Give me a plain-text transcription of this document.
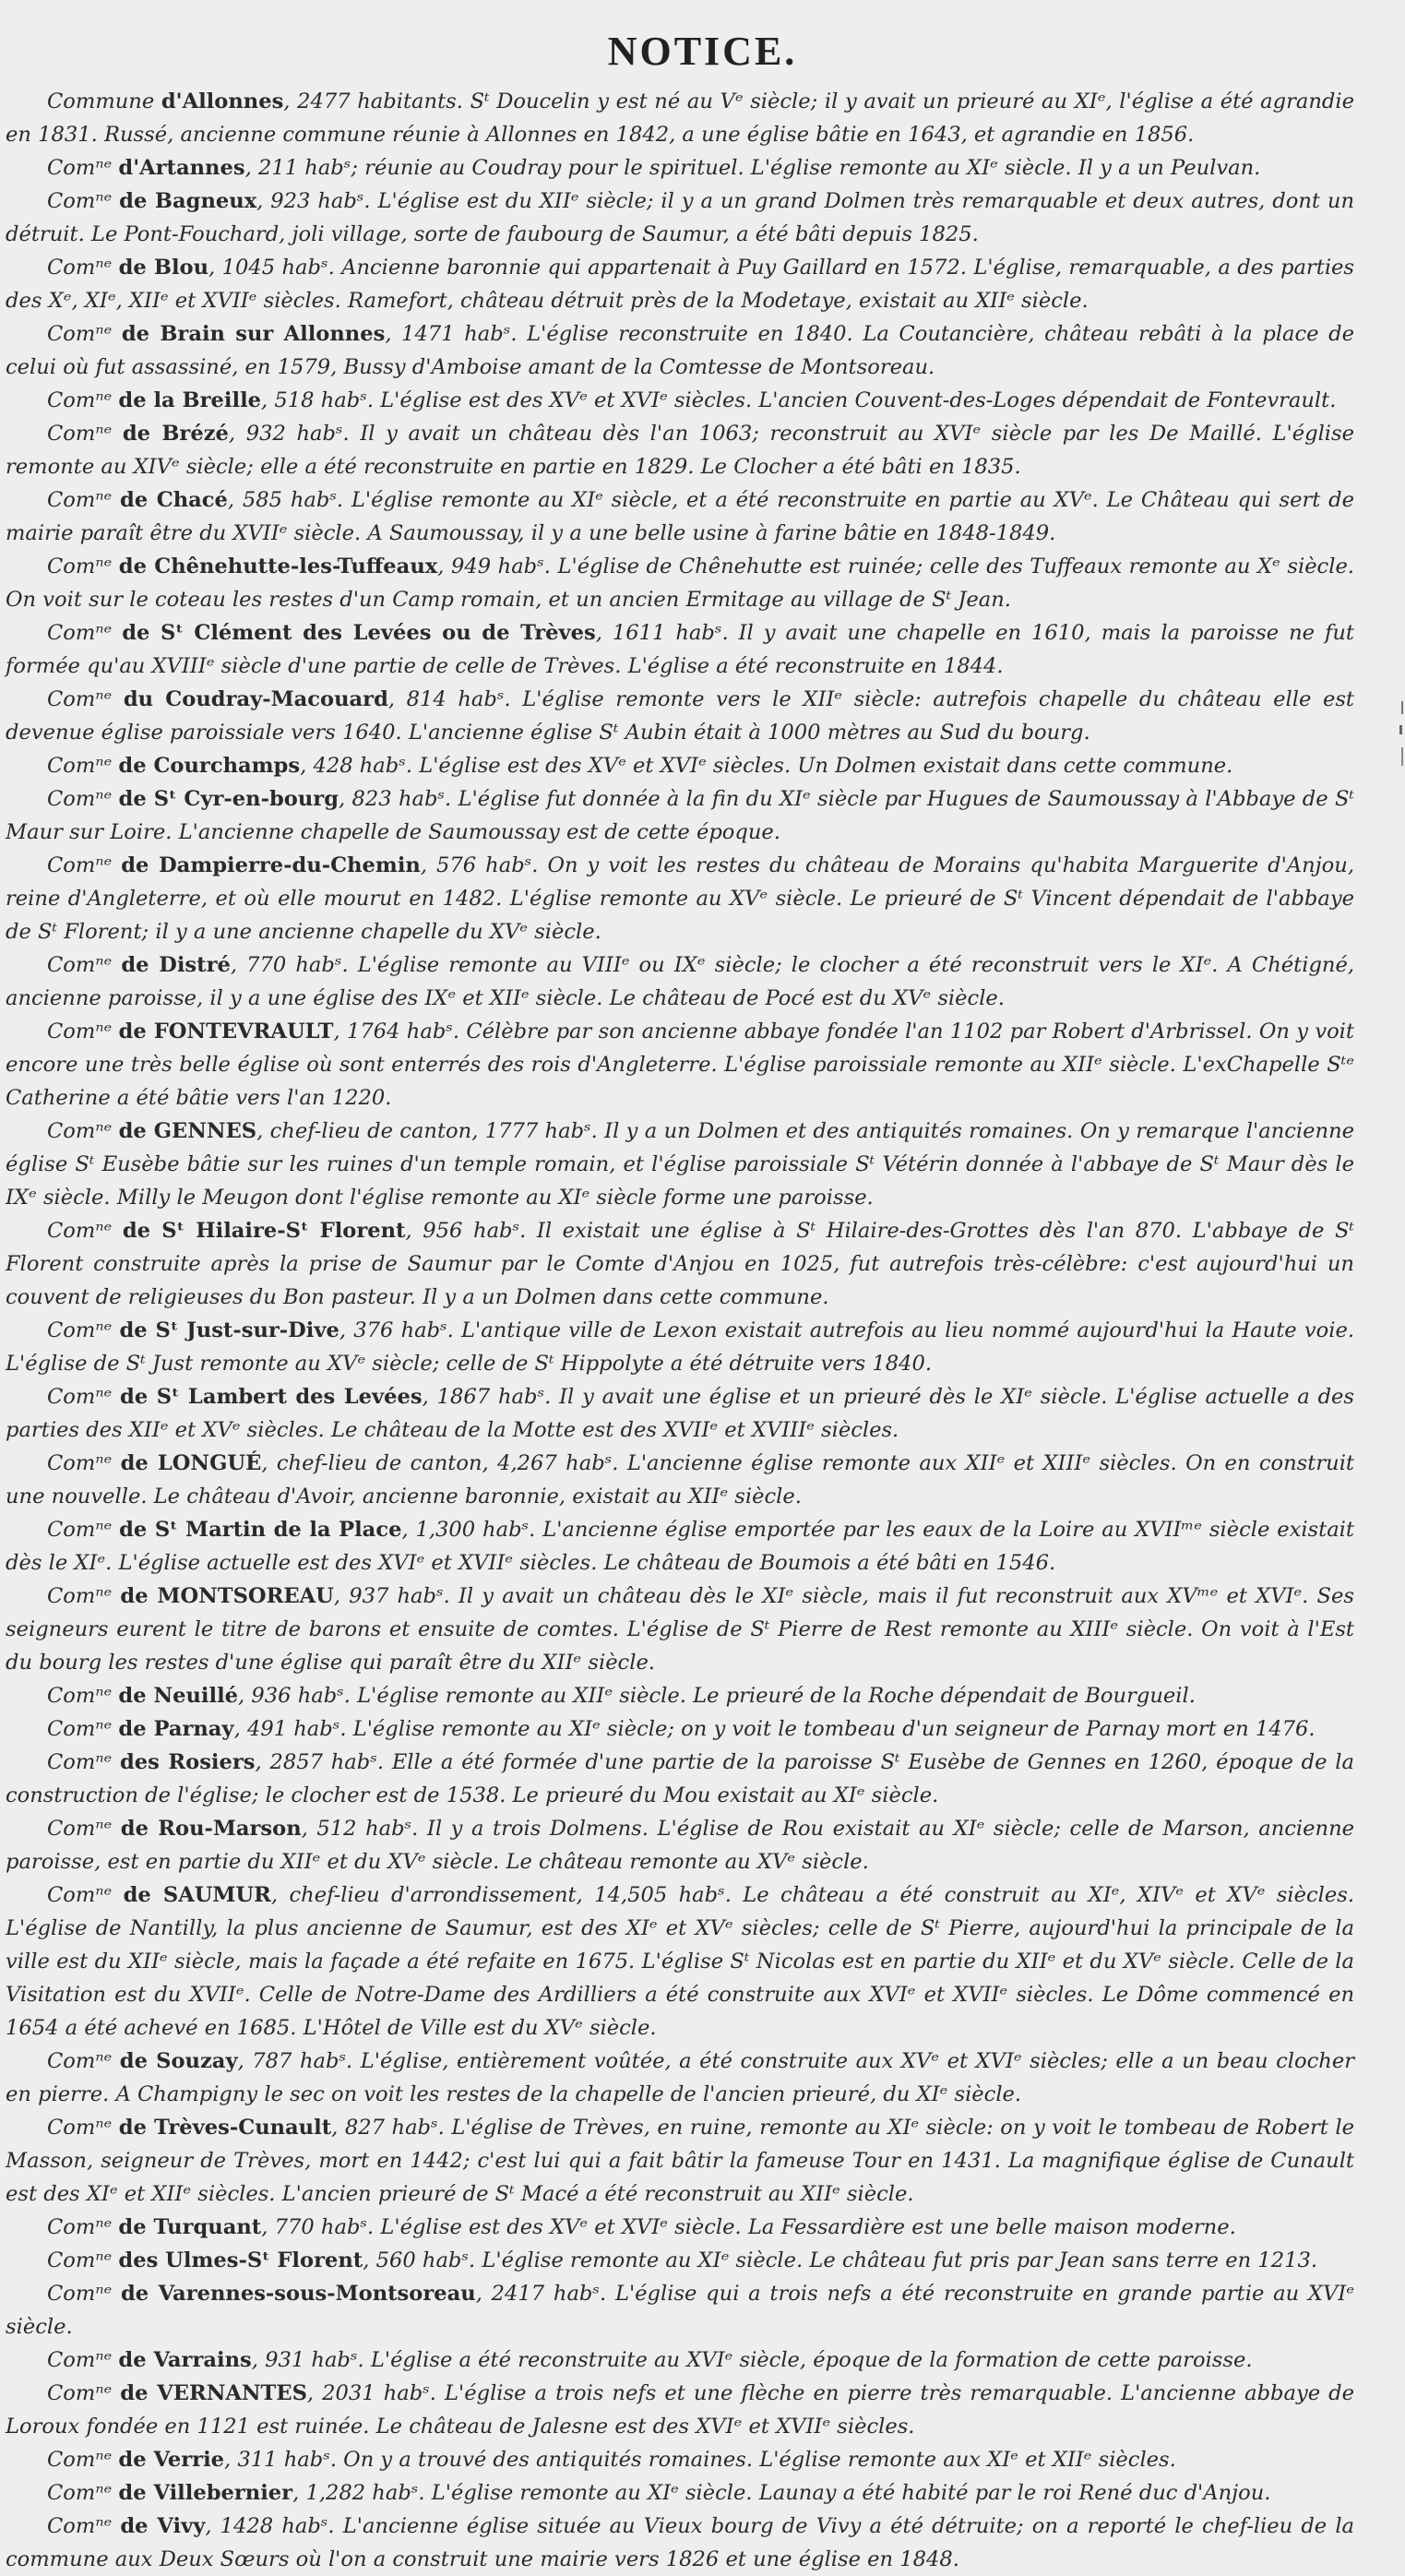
NOTICE.
Commune d'Allonnes, 2477 habitants. Sᵗ Doucelin y est né au Vᵉ siècle; il y avait un prieuré au XIᵉ, l'église a été agrandie en 1831. Russé, ancienne commune réunie à Allonnes en 1842, a une église bâtie en 1643, et agrandie en 1856.
Comⁿᵉ d'Artannes, 211 habˢ; réunie au Coudray pour le spirituel. L'église remonte au XIᵉ siècle. Il y a un Peulvan.
Comⁿᵉ de Bagneux, 923 habˢ. L'église est du XIIᵉ siècle; il y a un grand Dolmen très remarquable et deux autres, dont un détruit. Le Pont-Fouchard, joli village, sorte de faubourg de Saumur, a été bâti depuis 1825.
Comⁿᵉ de Blou, 1045 habˢ. Ancienne baronnie qui appartenait à Puy Gaillard en 1572. L'église, remarquable, a des parties des Xᵉ, XIᵉ, XIIᵉ et XVIIᵉ siècles. Ramefort, château détruit près de la Modetaye, existait au XIIᵉ siècle.
Comⁿᵉ de Brain sur Allonnes, 1471 habˢ. L'église reconstruite en 1840. La Coutancière, château rebâti à la place de celui où fut assassiné, en 1579, Bussy d'Amboise amant de la Comtesse de Montsoreau.
Comⁿᵉ de la Breille, 518 habˢ. L'église est des XVᵉ et XVIᵉ siècles. L'ancien Couvent-des-Loges dépendait de Fontevrault.
Comⁿᵉ de Brézé, 932 habˢ. Il y avait un château dès l'an 1063; reconstruit au XVIᵉ siècle par les De Maillé. L'église remonte au XIVᵉ siècle; elle a été reconstruite en partie en 1829. Le Clocher a été bâti en 1835.
Comⁿᵉ de Chacé, 585 habˢ. L'église remonte au XIᵉ siècle, et a été reconstruite en partie au XVᵉ. Le Château qui sert de mairie paraît être du XVIIᵉ siècle. A Saumoussay, il y a une belle usine à farine bâtie en 1848-1849.
Comⁿᵉ de Chênehutte-les-Tuffeaux, 949 habˢ. L'église de Chênehutte est ruinée; celle des Tuffeaux remonte au Xᵉ siècle. On voit sur le coteau les restes d'un Camp romain, et un ancien Ermitage au village de Sᵗ Jean.
Comⁿᵉ de Sᵗ Clément des Levées ou de Trèves, 1611 habˢ. Il y avait une chapelle en 1610, mais la paroisse ne fut formée qu'au XVIIIᵉ siècle d'une partie de celle de Trèves. L'église a été reconstruite en 1844.
Comⁿᵉ du Coudray-Macouard, 814 habˢ. L'église remonte vers le XIIᵉ siècle: autrefois chapelle du château elle est devenue église paroissiale vers 1640. L'ancienne église Sᵗ Aubin était à 1000 mètres au Sud du bourg.
Comⁿᵉ de Courchamps, 428 habˢ. L'église est des XVᵉ et XVIᵉ siècles. Un Dolmen existait dans cette commune.
Comⁿᵉ de Sᵗ Cyr-en-bourg, 823 habˢ. L'église fut donnée à la fin du XIᵉ siècle par Hugues de Saumoussay à l'Abbaye de Sᵗ Maur sur Loire. L'ancienne chapelle de Saumoussay est de cette époque.
Comⁿᵉ de Dampierre-du-Chemin, 576 habˢ. On y voit les restes du château de Morains qu'habita Marguerite d'Anjou, reine d'Angleterre, et où elle mourut en 1482. L'église remonte au XVᵉ siècle. Le prieuré de Sᵗ Vincent dépendait de l'abbaye de Sᵗ Florent; il y a une ancienne chapelle du XVᵉ siècle.
Comⁿᵉ de Distré, 770 habˢ. L'église remonte au VIIIᵉ ou IXᵉ siècle; le clocher a été reconstruit vers le XIᵉ. A Chétigné, ancienne paroisse, il y a une église des IXᵉ et XIIᵉ siècle. Le château de Pocé est du XVᵉ siècle.
Comⁿᵉ de FONTEVRAULT, 1764 habˢ. Célèbre par son ancienne abbaye fondée l'an 1102 par Robert d'Arbrissel. On y voit encore une très belle église où sont enterrés des rois d'Angleterre. L'église paroissiale remonte au XIIᵉ siècle. L'exChapelle Sᵗᵉ Catherine a été bâtie vers l'an 1220.
Comⁿᵉ de GENNES, chef-lieu de canton, 1777 habˢ. Il y a un Dolmen et des antiquités romaines. On y remarque l'ancienne église Sᵗ Eusèbe bâtie sur les ruines d'un temple romain, et l'église paroissiale Sᵗ Vétérin donnée à l'abbaye de Sᵗ Maur dès le IXᵉ siècle. Milly le Meugon dont l'église remonte au XIᵉ siècle forme une paroisse.
Comⁿᵉ de Sᵗ Hilaire-Sᵗ Florent, 956 habˢ. Il existait une église à Sᵗ Hilaire-des-Grottes dès l'an 870. L'abbaye de Sᵗ Florent construite après la prise de Saumur par le Comte d'Anjou en 1025, fut autrefois très-célèbre: c'est aujourd'hui un couvent de religieuses du Bon pasteur. Il y a un Dolmen dans cette commune.
Comⁿᵉ de Sᵗ Just-sur-Dive, 376 habˢ. L'antique ville de Lexon existait autrefois au lieu nommé aujourd'hui la Haute voie. L'église de Sᵗ Just remonte au XVᵉ siècle; celle de Sᵗ Hippolyte a été détruite vers 1840.
Comⁿᵉ de Sᵗ Lambert des Levées, 1867 habˢ. Il y avait une église et un prieuré dès le XIᵉ siècle. L'église actuelle a des parties des XIIᵉ et XVᵉ siècles. Le château de la Motte est des XVIIᵉ et XVIIIᵉ siècles.
Comⁿᵉ de LONGUÉ, chef-lieu de canton, 4,267 habˢ. L'ancienne église remonte aux XIIᵉ et XIIIᵉ siècles. On en construit une nouvelle. Le château d'Avoir, ancienne baronnie, existait au XIIᵉ siècle.
Comⁿᵉ de Sᵗ Martin de la Place, 1,300 habˢ. L'ancienne église emportée par les eaux de la Loire au XVIIᵐᵉ siècle existait dès le XIᵉ. L'église actuelle est des XVIᵉ et XVIIᵉ siècles. Le château de Boumois a été bâti en 1546.
Comⁿᵉ de MONTSOREAU, 937 habˢ. Il y avait un château dès le XIᵉ siècle, mais il fut reconstruit aux XVᵐᵉ et XVIᵉ. Ses seigneurs eurent le titre de barons et ensuite de comtes. L'église de Sᵗ Pierre de Rest remonte au XIIIᵉ siècle. On voit à l'Est du bourg les restes d'une église qui paraît être du XIIᵉ siècle.
Comⁿᵉ de Neuillé, 936 habˢ. L'église remonte au XIIᵉ siècle. Le prieuré de la Roche dépendait de Bourgueil.
Comⁿᵉ de Parnay, 491 habˢ. L'église remonte au XIᵉ siècle; on y voit le tombeau d'un seigneur de Parnay mort en 1476.
Comⁿᵉ des Rosiers, 2857 habˢ. Elle a été formée d'une partie de la paroisse Sᵗ Eusèbe de Gennes en 1260, époque de la construction de l'église; le clocher est de 1538. Le prieuré du Mou existait au XIᵉ siècle.
Comⁿᵉ de Rou-Marson, 512 habˢ. Il y a trois Dolmens. L'église de Rou existait au XIᵉ siècle; celle de Marson, ancienne paroisse, est en partie du XIIᵉ et du XVᵉ siècle. Le château remonte au XVᵉ siècle.
Comⁿᵉ de SAUMUR, chef-lieu d'arrondissement, 14,505 habˢ. Le château a été construit au XIᵉ, XIVᵉ et XVᵉ siècles. L'église de Nantilly, la plus ancienne de Saumur, est des XIᵉ et XVᵉ siècles; celle de Sᵗ Pierre, aujourd'hui la principale de la ville est du XIIᵉ siècle, mais la façade a été refaite en 1675. L'église Sᵗ Nicolas est en partie du XIIᵉ et du XVᵉ siècle. Celle de la Visitation est du XVIIᵉ. Celle de Notre-Dame des Ardilliers a été construite aux XVIᵉ et XVIIᵉ siècles. Le Dôme commencé en 1654 a été achevé en 1685. L'Hôtel de Ville est du XVᵉ siècle.
Comⁿᵉ de Souzay, 787 habˢ. L'église, entièrement voûtée, a été construite aux XVᵉ et XVIᵉ siècles; elle a un beau clocher en pierre. A Champigny le sec on voit les restes de la chapelle de l'ancien prieuré, du XIᵉ siècle.
Comⁿᵉ de Trèves-Cunault, 827 habˢ. L'église de Trèves, en ruine, remonte au XIᵉ siècle: on y voit le tombeau de Robert le Masson, seigneur de Trèves, mort en 1442; c'est lui qui a fait bâtir la fameuse Tour en 1431. La magnifique église de Cunault est des XIᵉ et XIIᵉ siècles. L'ancien prieuré de Sᵗ Macé a été reconstruit au XIIᵉ siècle.
Comⁿᵉ de Turquant, 770 habˢ. L'église est des XVᵉ et XVIᵉ siècle. La Fessardière est une belle maison moderne.
Comⁿᵉ des Ulmes-Sᵗ Florent, 560 habˢ. L'église remonte au XIᵉ siècle. Le château fut pris par Jean sans terre en 1213.
Comⁿᵉ de Varennes-sous-Montsoreau, 2417 habˢ. L'église qui a trois nefs a été reconstruite en grande partie au XVIᵉ siècle.
Comⁿᵉ de Varrains, 931 habˢ. L'église a été reconstruite au XVIᵉ siècle, époque de la formation de cette paroisse.
Comⁿᵉ de VERNANTES, 2031 habˢ. L'église a trois nefs et une flèche en pierre très remarquable. L'ancienne abbaye de Loroux fondée en 1121 est ruinée. Le château de Jalesne est des XVIᵉ et XVIIᵉ siècles.
Comⁿᵉ de Verrie, 311 habˢ. On y a trouvé des antiquités romaines. L'église remonte aux XIᵉ et XIIᵉ siècles.
Comⁿᵉ de Villebernier, 1,282 habˢ. L'église remonte au XIᵉ siècle. Launay a été habité par le roi René duc d'Anjou.
Comⁿᵉ de Vivy, 1428 habˢ. L'ancienne église située au Vieux bourg de Vivy a été détruite; on a reporté le chef-lieu de la commune aux Deux Sœurs où l'on a construit une mairie vers 1826 et une église en 1848.
